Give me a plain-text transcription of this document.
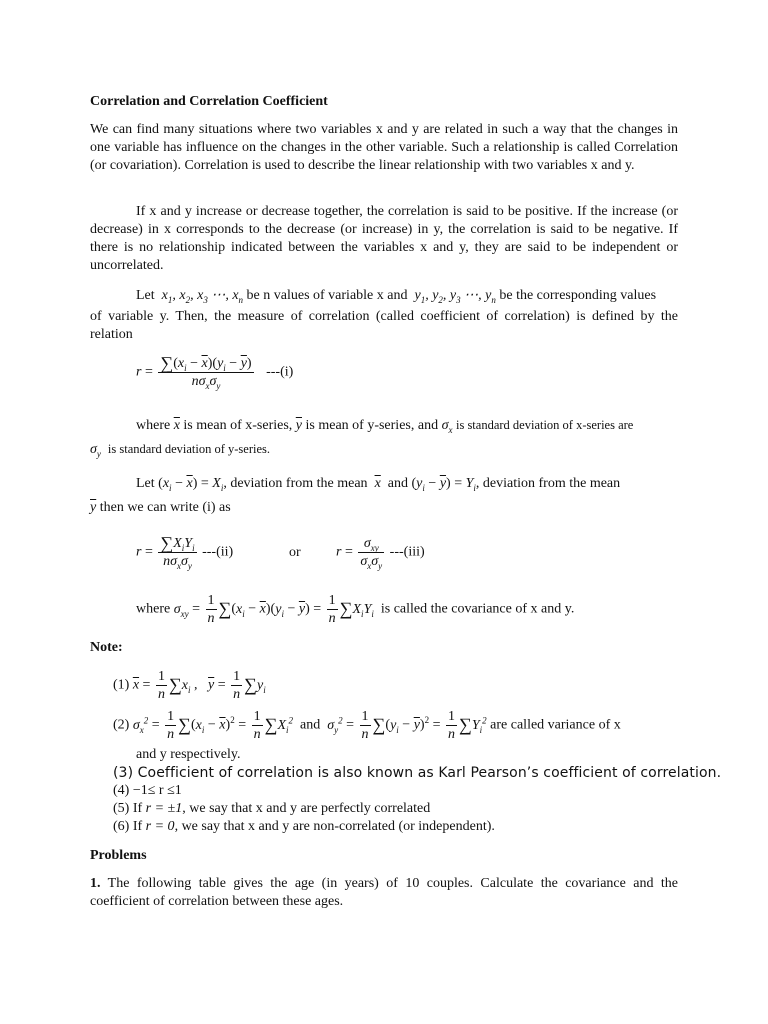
Correlation and Correlation Coefficient
We can find many situations where two variables x and y are related in such a way that the changes in one variable has influence on the changes in the other variable. Such a relationship is called Correlation (or covariation). Correlation is used to describe the linear relationship with two variables x and y.
If x and y increase or decrease together, the correlation is said to be positive. If the increase (or decrease) in x corresponds to the decrease (or increase) in y, the correlation is said to be negative. If there is no relationship indicated between the variables x and y, they are said to be independent or uncorrelated.
Let  $x_1$, $x_2$, $x_3$ ⋯, $x_n$ be n values of variable x and  $y_1$, $y_2$, $y_3$ ⋯, $y_n$ be the corresponding values
of variable y. Then, the measure of correlation (called coefficient of correlation) is defined by the relation
$r = \frac{\sum(x_i - \overline{x})(y_i - \overline{y})}{n\sigma_x\sigma_y} ---(i)$
where $\overline{x}$ is mean of x-series, $\overline{y}$ is mean of y-series, and $\sigma_x$ is standard deviation of x-series are
$\sigma_y$ is standard deviation of y-series.
Let $(x_i - \overline{x}) = X_i$, deviation from the mean $\overline{x}$ and $(y_i - \overline{y}) = Y_i$, deviation from the mean
$\overline{y}$ then we can write (i) as
$r = \frac{\sum X_iY_i}{n\sigma_x\sigma_y} ---(ii)$	or	$r = \frac{\sigma_{xy}}{\sigma_x\sigma_y} ---(iii)$
where $\sigma_{xy} = \frac{1}{n} \sum(x_i - \overline{x})(y_i - \overline{y}) = \frac{1}{n} \sum X_iY_i$ is called the covariance of x and y.
Note:
(1) $\overline{x} = \frac{1}{n} \sum x_i$ ,   $\overline{y} = \frac{1}{n} \sum y_i$
(2) $\sigma_x^2 = \frac{1}{n} \sum(x_i - \overline{x})^2 = \frac{1}{n} \sum X_i^2$ and $\sigma_y^2 = \frac{1}{n} \sum(y_i - \overline{y})^2 = \frac{1}{n} \sum Y_i^2$ are called variance of x
and y respectively.
(3) Coefficient of correlation is also known as Karl Pearson’s coefficient of correlation.
(4) −1≤ r ≤1
(5) If r = ±1, we say that x and y are perfectly correlated
(6) If r = 0, we say that x and y are non-correlated (or independent).
Problems
1. The following table gives the age (in years) of 10 couples. Calculate the covariance and the coefficient of correlation between these ages.
